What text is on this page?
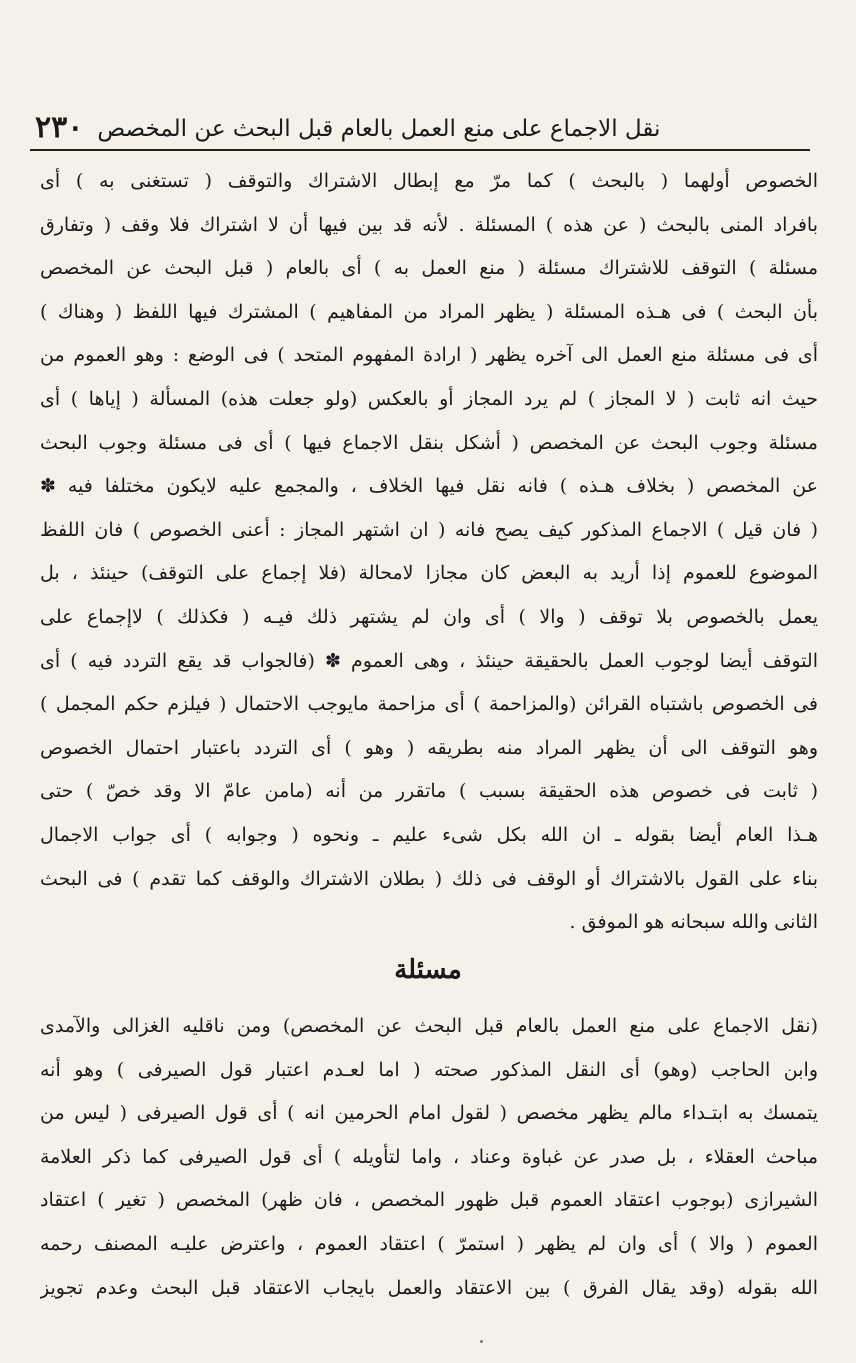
نقل الاجماع على منع العمل بالعام قبل البحث عن المخصص
٢٣٠
الخصوص أولهما ( بالبحث ) كما مرّ مع إبطال الاشتراك والتوقف ( تستغنى به ) أى
بافراد المنى بالبحث ( عن هذه ) المسئلة . لأنه قد بين فيها أن لا اشتراك فلا وقف ( وتفارق
مسئلة ) التوقف للاشتراك مسئلة ( منع العمل به ) أى بالعام ( قبل البحث عن المخصص
بأن البحث ) فى هـذه المسئلة ( يظهر المراد من المفاهيم ) المشترك فيها اللفظ ( وهناك )
أى فى مسئلة منع العمل الى آخره يظهر ( ارادة المفهوم المتحد ) فى الوضع : وهو العموم من
حيث انه ثابت ( لا المجاز ) لم يرد المجاز أو بالعكس (ولو جعلت هذه) المسألة ( إياها ) أى
مسئلة وجوب البحث عن المخصص ( أشكل بنقل الاجماع فيها ) أى فى مسئلة وجوب البحث
عن المخصص ( بخلاف هـذه ) فانه نقل فيها الخلاف ، والمجمع عليه لايكون مختلفا فيه ✽
( فان قيل ) الاجماع المذكور كيف يصح فانه ( ان اشتهر المجاز : أعنى الخصوص ) فان اللفظ
الموضوع للعموم إذا أريد به البعض كان مجازا لامحالة (فلا إجماع على التوقف) حينئذ ، بل
يعمل بالخصوص بلا توقف ( والا ) أى وان لم يشتهر ذلك فيـه ( فكذلك ) لاإجماع على
التوقف أيضا لوجوب العمل بالحقيقة حينئذ ، وهى العموم ✽ (فالجواب قد يقع التردد فيه ) أى
فى الخصوص باشتباه القرائن (والمزاحمة ) أى مزاحمة مايوجب الاحتمال ( فيلزم حكم المجمل )
وهو التوقف الى أن يظهر المراد منه بطريقه ( وهو ) أى التردد باعتبار احتمال الخصوص
( ثابت فى خصوص هذه الحقيقة بسبب ) ماتقرر من أنه (مامن عامّ الا وقد خصّ ) حتى
هـذا العام أيضا بقوله ـ ان الله بكل شىء عليم ـ ونحوه ( وجوابه ) أى جواب الاجمال
بناء على القول بالاشتراك أو الوقف فى ذلك ( بطلان الاشتراك والوقف كما تقدم ) فى البحث
الثانى والله سبحانه هو الموفق .
مسئلة
(نقل الاجماع على منع العمل بالعام قبل البحث عن المخصص) ومن ناقليه الغزالى والآمدى
وابن الحاجب (وهو) أى النقل المذكور صحته ( اما لعـدم اعتبار قول الصيرفى ) وهو أنه
يتمسك به ابتـداء مالم يظهر مخصص ( لقول امام الحرمين انه ) أى قول الصيرفى ( ليس من
مباحث العقلاء ، بل صدر عن غباوة وعناد ، واما لتأويله ) أى قول الصيرفى كما ذكر العلامة
الشيرازى (بوجوب اعتقاد العموم قبل ظهور المخصص ، فان ظهر) المخصص ( تغير ) اعتقاد
العموم ( والا ) أى وان لم يظهر ( استمرّ ) اعتقاد العموم ، واعترض عليـه المصنف رحمه
الله بقوله (وقد يقال الفرق ) بين الاعتقاد والعمل بايجاب الاعتقاد قبل البحث وعدم تجويز
